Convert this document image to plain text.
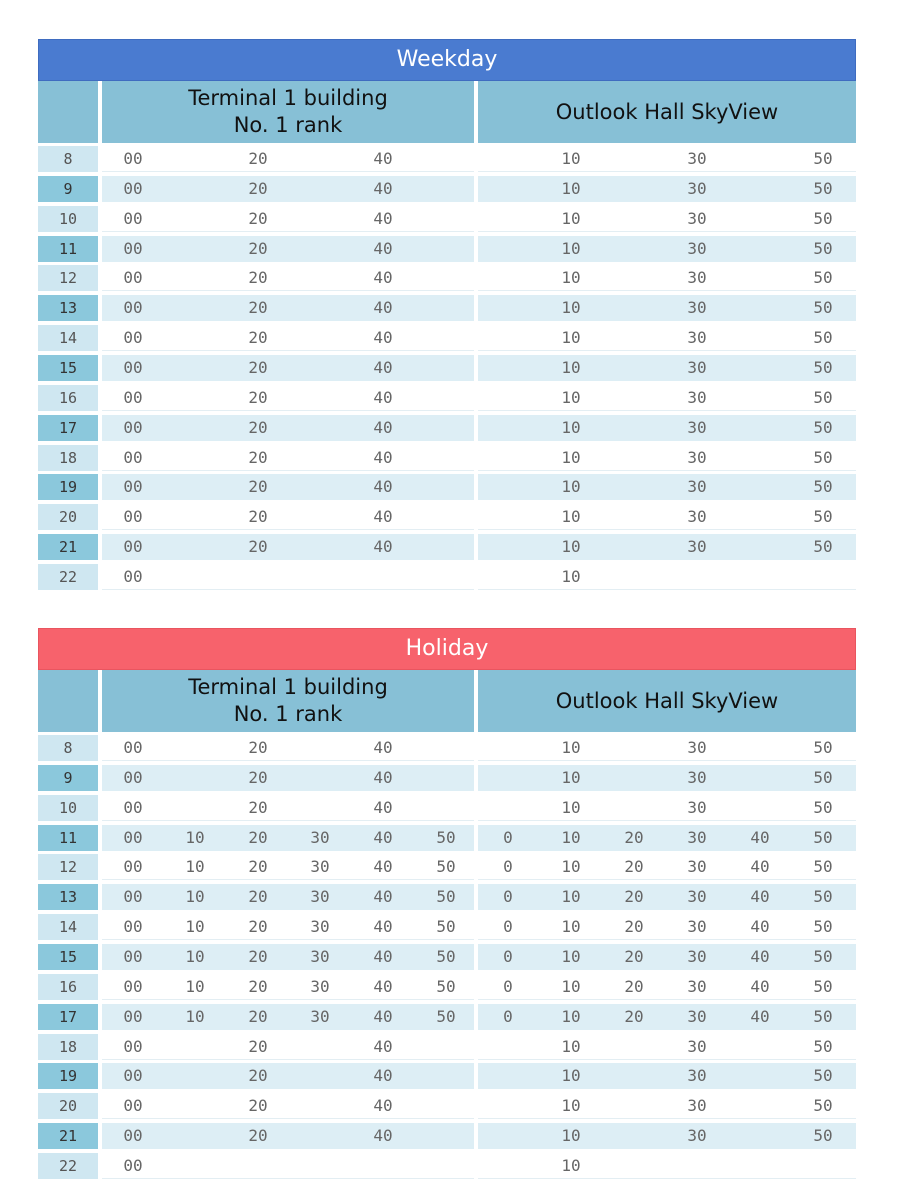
Weekday
Terminal 1 building
No. 1 rank
Outlook Hall SkyView
8	00	20	40	10	30	50
9	00	20	40	10	30	50
10	00	20	40	10	30	50
11	00	20	40	10	30	50
12	00	20	40	10	30	50
13	00	20	40	10	30	50
14	00	20	40	10	30	50
15	00	20	40	10	30	50
16	00	20	40	10	30	50
17	00	20	40	10	30	50
18	00	20	40	10	30	50
19	00	20	40	10	30	50
20	00	20	40	10	30	50
21	00	20	40	10	30	50
22	00	10
Holiday
Terminal 1 building
No. 1 rank
Outlook Hall SkyView
8	00	20	40	10	30	50
9	00	20	40	10	30	50
10	00	20	40	10	30	50
11	00	10	20	30	40	50	0	10	20	30	40	50
12	00	10	20	30	40	50	0	10	20	30	40	50
13	00	10	20	30	40	50	0	10	20	30	40	50
14	00	10	20	30	40	50	0	10	20	30	40	50
15	00	10	20	30	40	50	0	10	20	30	40	50
16	00	10	20	30	40	50	0	10	20	30	40	50
17	00	10	20	30	40	50	0	10	20	30	40	50
18	00	20	40	10	30	50
19	00	20	40	10	30	50
20	00	20	40	10	30	50
21	00	20	40	10	30	50
22	00	10
